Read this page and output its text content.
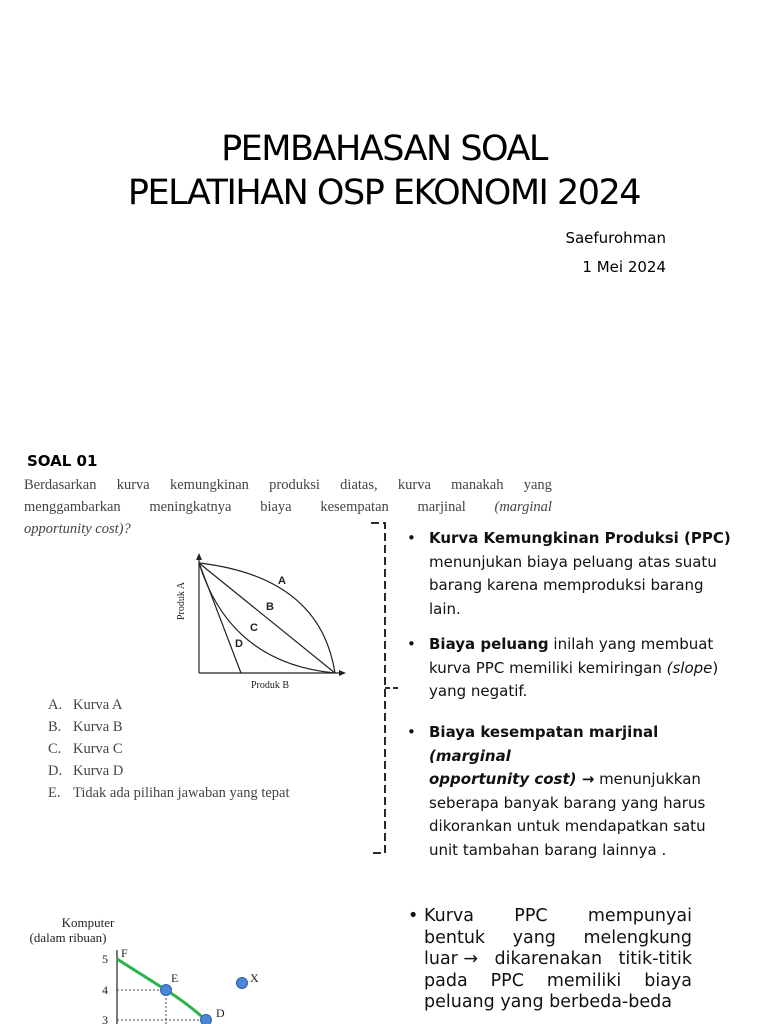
PEMBAHASAN SOAL
PELATIHAN OSP EKONOMI 2024
Saefurohman
1 Mei 2024
SOAL 01
Berdasarkan kurva kemungkinan produksi diatas, kurva manakah yang
menggambarkan meningkatnya biaya kesempatan marjinal (marginal
opportunity cost)?
Produk A
A
B
C
D
Produk B
A. Kurva A
B. Kurva B
C. Kurva C
D. Kurva D
E. Tidak ada pilihan jawaban yang tepat
• Kurva Kemungkinan Produksi (PPC)
menunjukan biaya peluang atas suatu
barang karena memproduksi barang
lain.
• Biaya peluang inilah yang membuat
kurva PPC memiliki kemiringan (slope)
yang negatif.
• Biaya kesempatan marjinal (marginal
opportunity cost) → menunjukkan
seberapa banyak barang yang harus
dikorankan untuk mendapatkan satu
unit tambahan barang lainnya .
Komputer
(dalam ribuan)
5
4
3
F
E	X
D
• Kurva PPC mempunyai
bentuk yang melengkung
luar → dikarenakan titik-titik
pada PPC memiliki biaya
peluang yang berbeda-beda
